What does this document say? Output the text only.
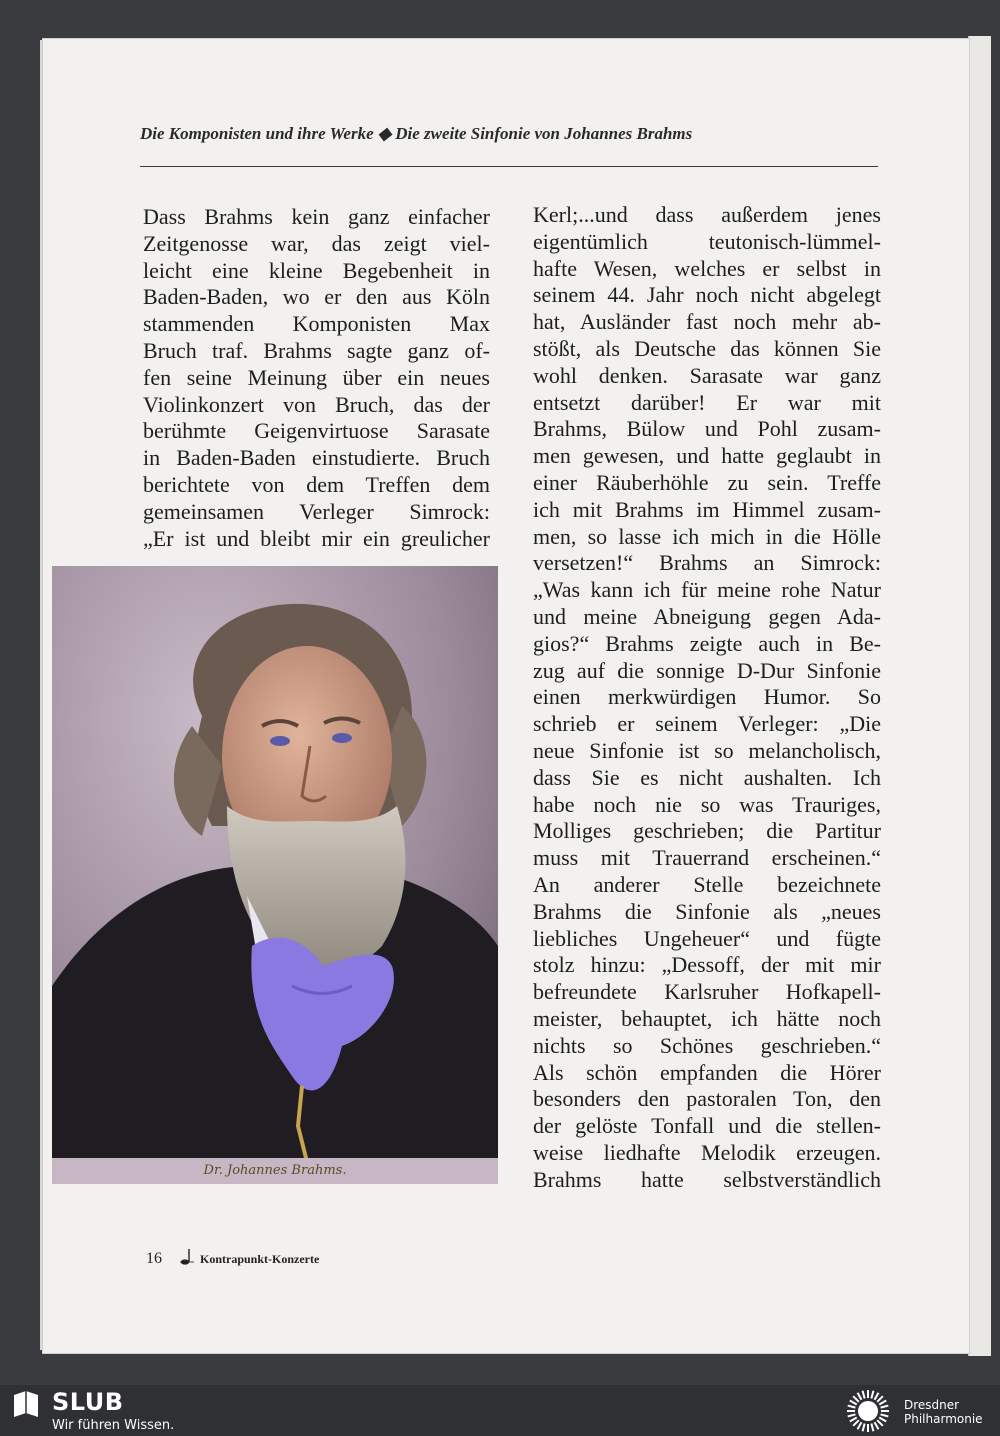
Die Komponisten und ihre Werke ◆ Die zweite Sinfonie von Johannes Brahms
Dass Brahms kein ganz einfacher
Zeitgenosse war, das zeigt viel-
leicht eine kleine Begebenheit in
Baden-Baden, wo er den aus Köln
stammenden Komponisten Max
Bruch traf. Brahms sagte ganz of-
fen seine Meinung über ein neues
Violinkonzert von Bruch, das der
berühmte Geigenvirtuose Sarasate
in Baden-Baden einstudierte. Bruch
berichtete von dem Treffen dem
gemeinsamen Verleger Simrock:
„Er ist und bleibt mir ein greulicher
Kerl;...und dass außerdem jenes
eigentümlich teutonisch-lümmel-
hafte Wesen, welches er selbst in
seinem 44. Jahr noch nicht abgelegt
hat, Ausländer fast noch mehr ab-
stößt, als Deutsche das können Sie
wohl denken. Sarasate war ganz
entsetzt darüber! Er war mit
Brahms, Bülow und Pohl zusam-
men gewesen, und hatte geglaubt in
einer Räuberhöhle zu sein. Treffe
ich mit Brahms im Himmel zusam-
men, so lasse ich mich in die Hölle
versetzen!“ Brahms an Simrock:
„Was kann ich für meine rohe Natur
und meine Abneigung gegen Ada-
gios?“ Brahms zeigte auch in Be-
zug auf die sonnige D-Dur Sinfonie
einen merkwürdigen Humor. So
schrieb er seinem Verleger: „Die
neue Sinfonie ist so melancholisch,
dass Sie es nicht aushalten. Ich
habe noch nie so was Trauriges,
Molliges geschrieben; die Partitur
muss mit Trauerrand erscheinen.“
An anderer Stelle bezeichnete
Brahms die Sinfonie als „neues
liebliches Ungeheuer“ und fügte
stolz hinzu: „Dessoff, der mit mir
befreundete Karlsruher Hofkapell-
meister, behauptet, ich hätte noch
nichts so Schönes geschrieben.“
Als schön empfanden die Hörer
besonders den pastoralen Ton, den
der gelöste Tonfall und die stellen-
weise liedhafte Melodik erzeugen.
Brahms hatte selbstverständlich
Dr. Johannes Brahms.
16	Kontrapunkt-Konzerte
SLUB
Wir führen Wissen.
Dresdner
Philharmonie
